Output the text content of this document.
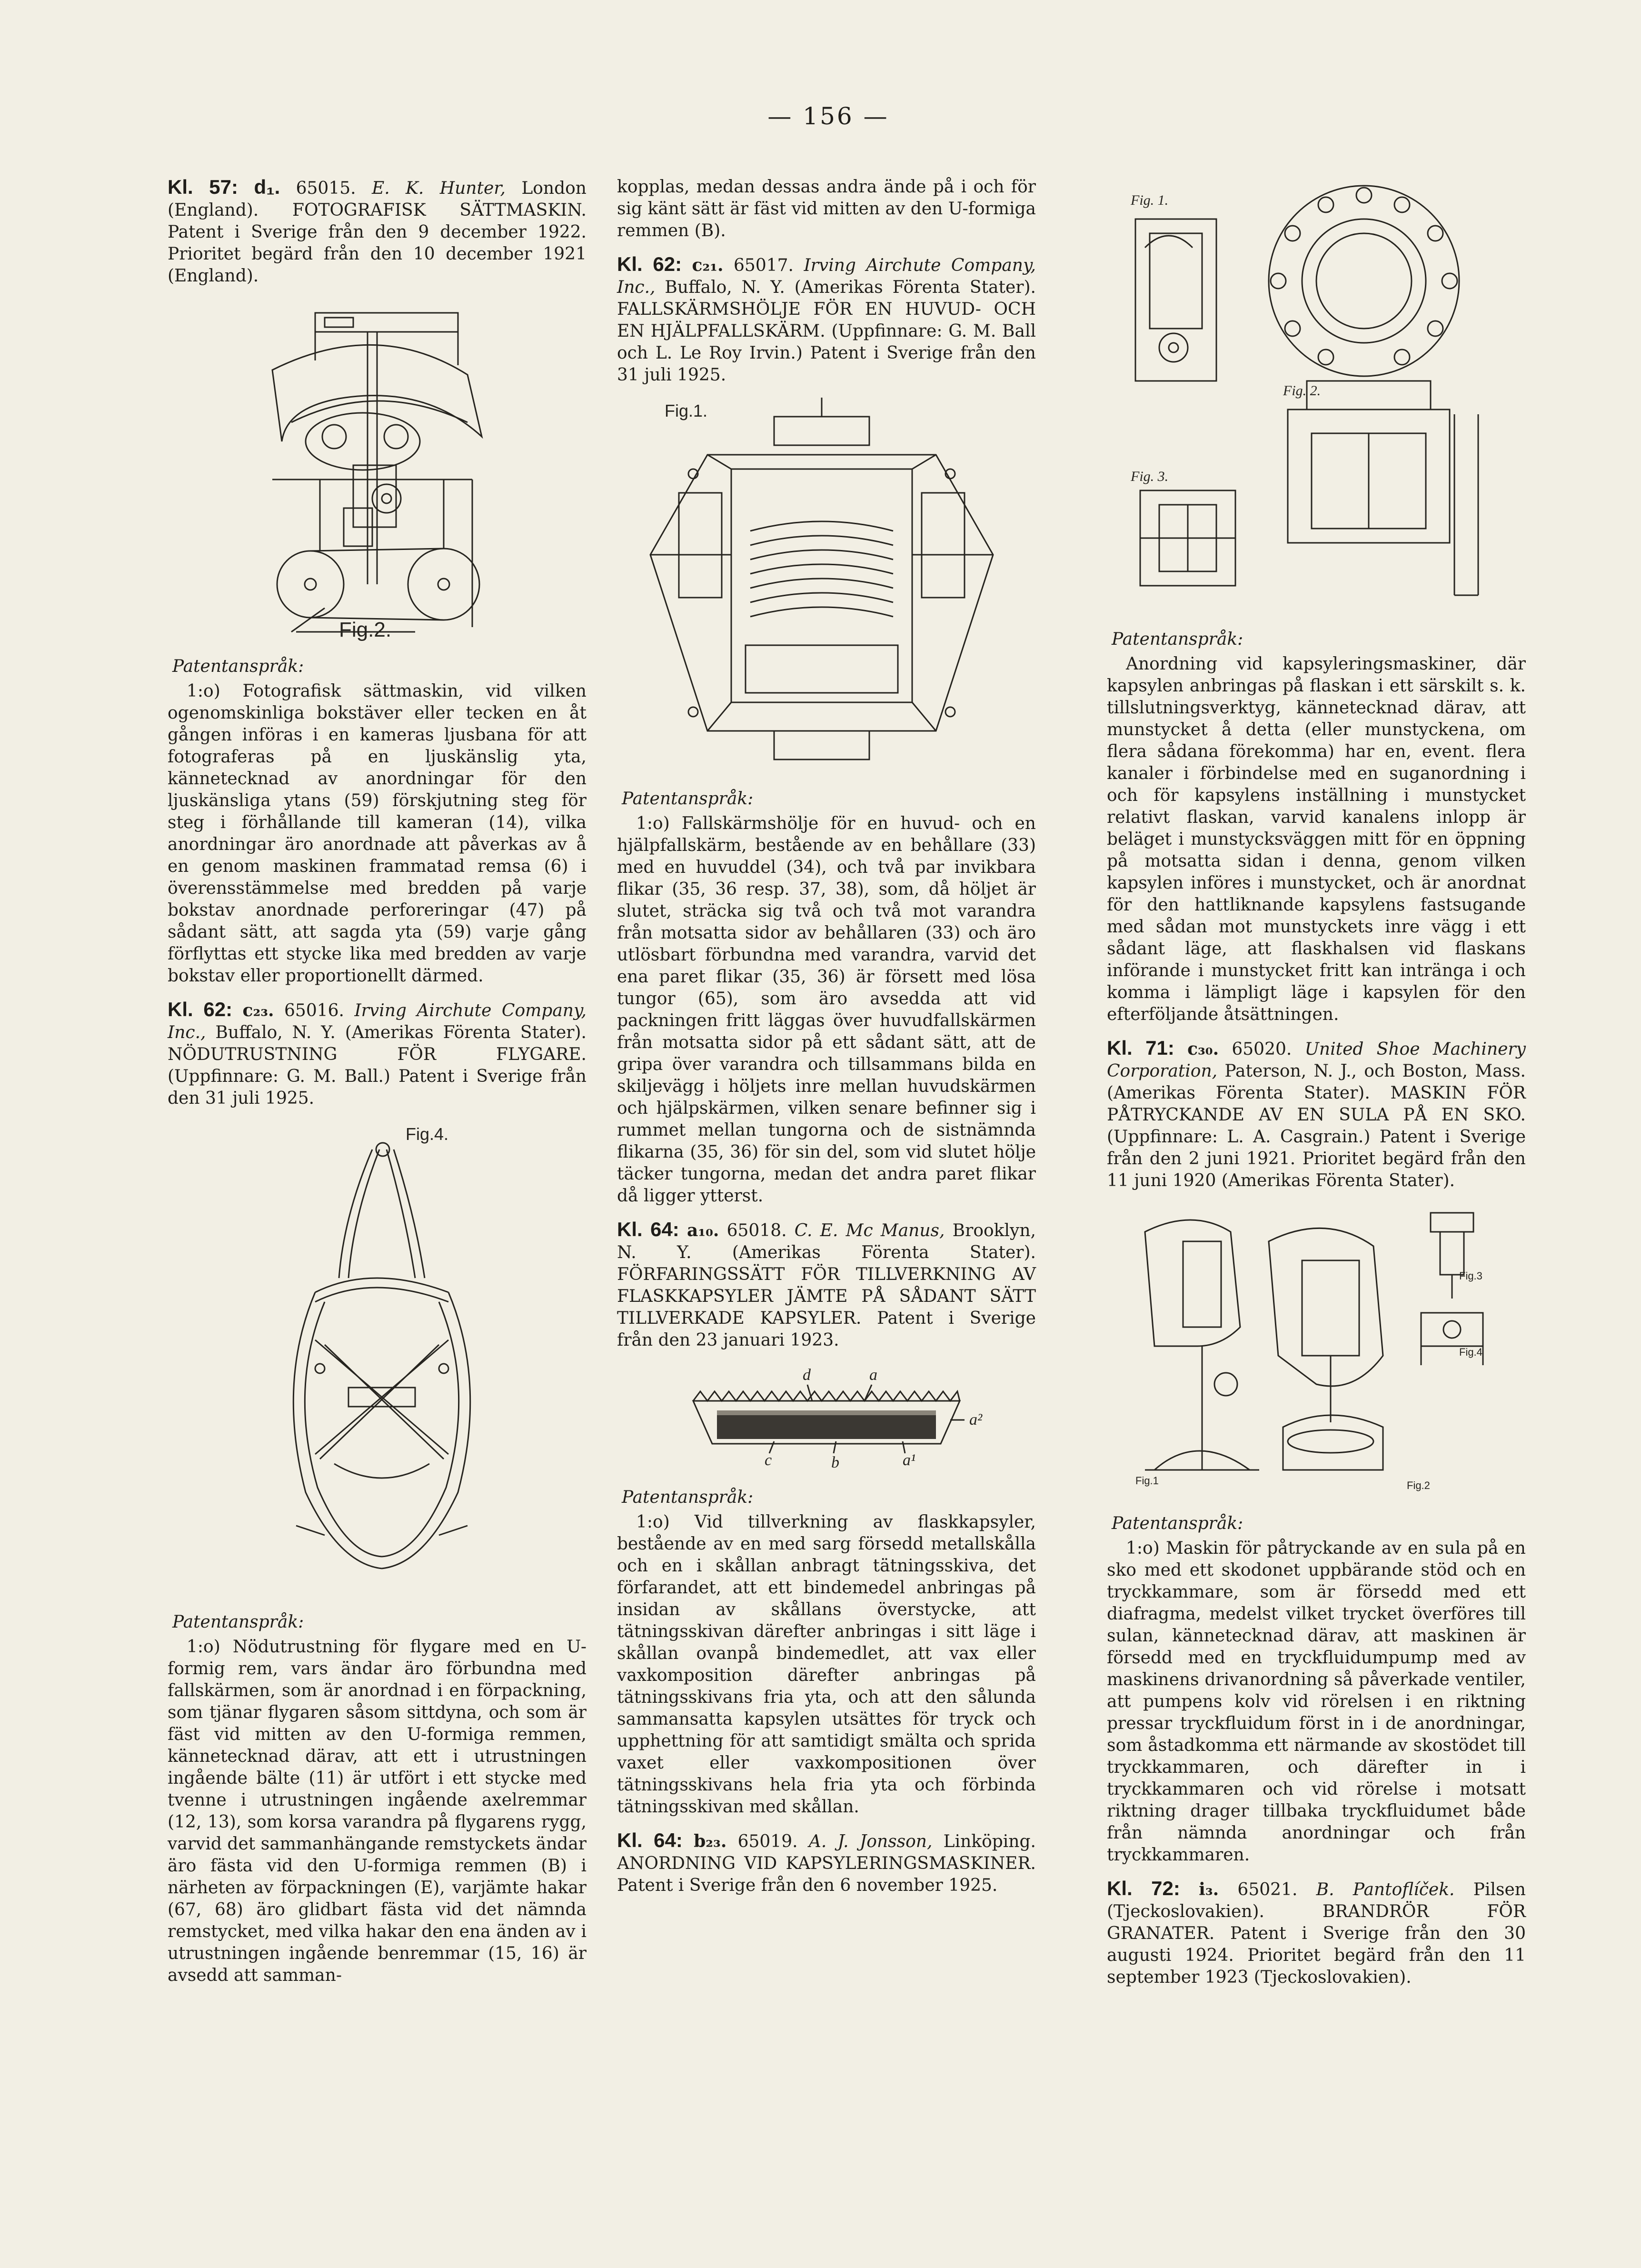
— 156 —

Kl. 57: d₁. 65015. E. K. Hunter, London (England). FOTOGRAFISK SÄTTMASKIN. Patent i Sverige från den 9 december 1922. Prioritet begärd från den 10 december 1921 (England).

Fig.2.
Patentanspråk:

1:o) Fotografisk sättmaskin, vid vilken ogenomskinliga bokstäver eller tecken en åt gången införas i en kameras ljusbana för att fotograferas på en ljuskänslig yta, kännetecknad av anordningar för den ljuskänsliga ytans (59) förskjutning steg för steg i förhållande till kameran (14), vilka anordningar äro anordnade att påverkas av å en genom maskinen frammatad remsa (6) i överensstämmelse med bredden på varje bokstav anordnade perforeringar (47) på sådant sätt, att sagda yta (59) varje gång förflyttas ett stycke lika med bredden av varje bokstav eller proportionellt därmed.

Kl. 62: c₂₃. 65016. Irving Airchute Company, Inc., Buffalo, N. Y. (Amerikas Förenta Stater). NÖDUTRUSTNING FÖR FLYGARE. (Uppfinnare: G. M. Ball.) Patent i Sverige från den 31 juli 1925.

Fig.4.
Patentanspråk:

1:o) Nödutrustning för flygare med en U-formig rem, vars ändar äro förbundna med fallskärmen, som är anordnad i en förpackning, som tjänar flygaren såsom sittdyna, och som är fäst vid mitten av den U-formiga remmen, kännetecknad därav, att ett i utrustningen ingående bälte (11) är utfört i ett stycke med tvenne i utrustningen ingående axelremmar (12, 13), som korsa varandra på flygarens rygg, varvid det sammanhängande remstyckets ändar äro fästa vid den U-formiga remmen (B) i närheten av förpackningen (E), varjämte hakar (67, 68) äro glidbart fästa vid det nämnda remstycket, med vilka hakar den ena änden av i utrustningen ingående benremmar (15, 16) är avsedd att samman-

kopplas, medan dessas andra ände på i och för sig känt sätt är fäst vid mitten av den U-formiga remmen (B).

Kl. 62: c₂₁. 65017. Irving Airchute Company, Inc., Buffalo, N. Y. (Amerikas Förenta Stater). FALLSKÄRMSHÖLJE FÖR EN HUVUD- OCH EN HJÄLPFALLSKÄRM. (Uppfinnare: G. M. Ball och L. Le Roy Irvin.) Patent i Sverige från den 31 juli 1925.

Fig.1.
Patentanspråk:

1:o) Fallskärmshölje för en huvud- och en hjälpfallskärm, bestående av en behållare (33) med en huvuddel (34), och två par invikbara flikar (35, 36 resp. 37, 38), som, då höljet är slutet, sträcka sig två och två mot varandra från motsatta sidor av behållaren (33) och äro utlösbart förbundna med varandra, varvid det ena paret flikar (35, 36) är försett med lösa tungor (65), som äro avsedda att vid packningen fritt läggas över huvudfallskärmen från motsatta sidor på ett sådant sätt, att de gripa över varandra och tillsammans bilda en skiljevägg i höljets inre mellan huvudskärmen och hjälpskärmen, vilken senare befinner sig i rummet mellan tungorna och de sistnämnda flikarna (35, 36) för sin del, som vid slutet hölje täcker tungorna, medan det andra paret flikar då ligger ytterst.

Kl. 64: a₁₀. 65018. C. E. Mc Manus, Brooklyn, N. Y. (Amerikas Förenta Stater). FÖRFARINGSSÄTT FÖR TILLVERKNING AV FLASKKAPSYLER JÄMTE PÅ SÅDANT SÄTT TILLVERKADE KAPSYLER. Patent i Sverige från den 23 januari 1923.

d	a
a²
c	b	a¹
Patentanspråk:

1:o) Vid tillverkning av flaskkapsyler, bestående av en med sarg försedd metallskålla och en i skållan anbragt tätningsskiva, det förfarandet, att ett bindemedel anbringas på insidan av skållans överstycke, att tätningsskivan därefter anbringas i sitt läge i skållan ovanpå bindemedlet, att vax eller vaxkomposition därefter anbringas på tätningsskivans fria yta, och att den sålunda sammansatta kapsylen utsättes för tryck och upphettning för att samtidigt smälta och sprida vaxet eller vaxkompositionen över tätningsskivans hela fria yta och förbinda tätningsskivan med skållan.

Kl. 64: b₂₃. 65019. A. J. Jonsson, Linköping. ANORDNING VID KAPSYLERINGSMASKINER. Patent i Sverige från den 6 november 1925.

Fig. 1.
Fig. 2.
Fig. 3.
Patentanspråk:

Anordning vid kapsyleringsmaskiner, där kapsylen anbringas på flaskan i ett särskilt s. k. tillslutningsverktyg, kännetecknad därav, att munstycket å detta (eller munstyckena, om flera sådana förekomma) har en, event. flera kanaler i förbindelse med en suganordning i och för kapsylens inställning i munstycket relativt flaskan, varvid kanalens inlopp är beläget i munstycksväggen mitt för en öppning på motsatta sidan i denna, genom vilken kapsylen införes i munstycket, och är anordnat för den hattliknande kapsylens fastsugande med sådan mot munstyckets inre vägg i ett sådant läge, att flaskhalsen vid flaskans införande i munstycket fritt kan intränga i och komma i lämpligt läge i kapsylen för den efterföljande åtsättningen.

Kl. 71: c₃₀. 65020. United Shoe Machinery Corporation, Paterson, N. J., och Boston, Mass. (Amerikas Förenta Stater). MASKIN FÖR PÅTRYCKANDE AV EN SULA PÅ EN SKO. (Uppfinnare: L. A. Casgrain.) Patent i Sverige från den 2 juni 1921. Prioritet begärd från den 11 juni 1920 (Amerikas Förenta Stater).

Fig.1	Fig.2
Fig.3
Fig.4
Patentanspråk:

1:o) Maskin för påtryckande av en sula på en sko med ett skodonet uppbärande stöd och en tryckkammare, som är försedd med ett diafragma, medelst vilket trycket överföres till sulan, kännetecknad därav, att maskinen är försedd med en tryckfluidumpump med av maskinens drivanordning så påverkade ventiler, att pumpens kolv vid rörelsen i en riktning pressar tryckfluidum först in i de anordningar, som åstadkomma ett närmande av skostödet till tryckkammaren, och därefter in i tryckkammaren och vid rörelse i motsatt riktning drager tillbaka tryckfluidumet både från nämnda anordningar och från tryckkammaren.

Kl. 72: i₃. 65021. B. Pantoflíček. Pilsen (Tjeckoslovakien). BRANDRÖR FÖR GRANATER. Patent i Sverige från den 30 augusti 1924. Prioritet begärd från den 11 september 1923 (Tjeckoslovakien).
